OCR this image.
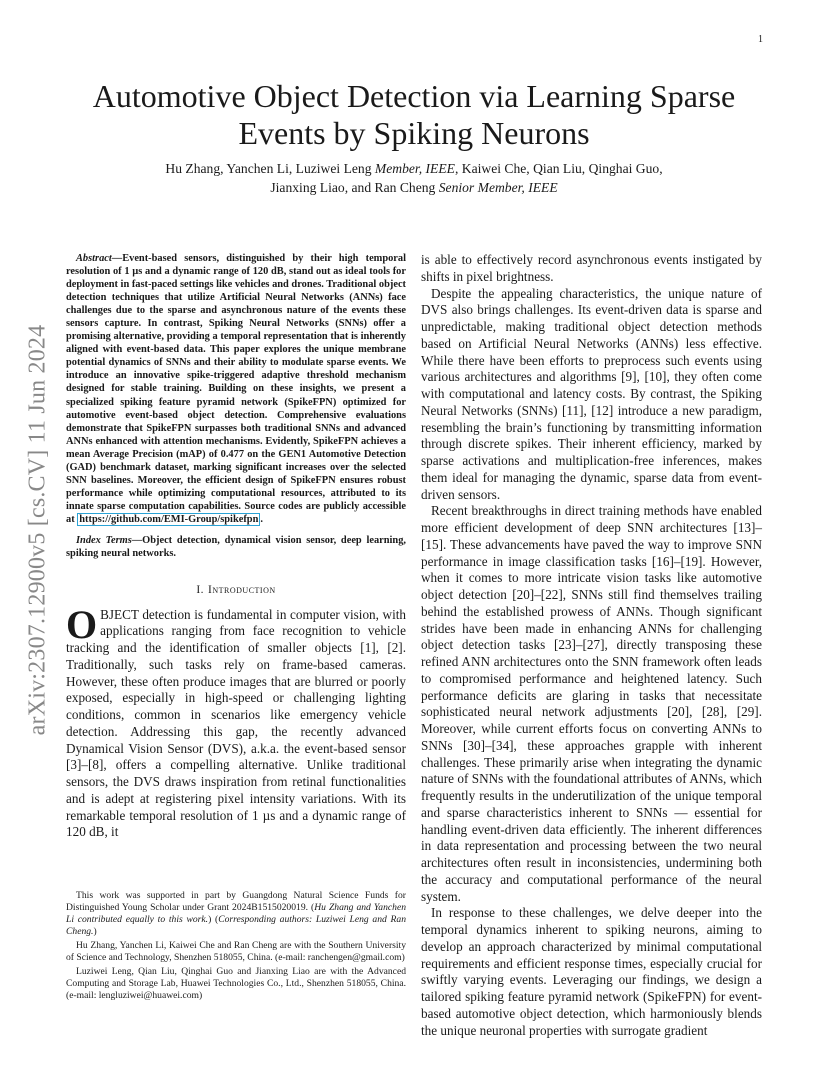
1
arXiv:2307.12900v5 [cs.CV] 11 Jun 2024
Automotive Object Detection via Learning Sparse
Events by Spiking Neurons
Hu Zhang, Yanchen Li, Luziwei Leng Member, IEEE, Kaiwei Che, Qian Liu, Qinghai Guo,
Jianxing Liao, and Ran Cheng Senior Member, IEEE

Abstract—Event-based sensors, distinguished by their high temporal resolution of 1 µs and a dynamic range of 120 dB, stand out as ideal tools for deployment in fast-paced settings like vehicles and drones. Traditional object detection techniques that utilize Artificial Neural Networks (ANNs) face challenges due to the sparse and asynchronous nature of the events these sensors capture. In contrast, Spiking Neural Networks (SNNs) offer a promising alternative, providing a temporal representation that is inherently aligned with event-based data. This paper explores the unique membrane potential dynamics of SNNs and their ability to modulate sparse events. We introduce an innovative spike-triggered adaptive threshold mechanism designed for stable training. Building on these insights, we present a specialized spiking feature pyramid network (SpikeFPN) optimized for automotive event-based object detection. Comprehensive evaluations demonstrate that SpikeFPN surpasses both traditional SNNs and advanced ANNs enhanced with attention mechanisms. Evidently, SpikeFPN achieves a mean Average Precision (mAP) of 0.477 on the GEN1 Automotive Detection (GAD) benchmark dataset, marking significant increases over the selected SNN baselines. Moreover, the efficient design of SpikeFPN ensures robust performance while optimizing computational resources, attributed to its innate sparse computation capabilities. Source codes are publicly accessible at https://github.com/EMI-Group/spikefpn .

Index Terms—Object detection, dynamical vision sensor, deep learning, spiking neural networks.

I. Introduction

OBJECT detection is fundamental in computer vision, with applications ranging from face recognition to vehicle tracking and the identification of smaller objects [1], [2]. Traditionally, such tasks rely on frame-based cameras. However, these often produce images that are blurred or poorly exposed, especially in high-speed or challenging lighting conditions, common in scenarios like emergency vehicle detection. Addressing this gap, the recently advanced Dynamical Vision Sensor (DVS), a.k.a. the event-based sensor [3]–[8], offers a compelling alternative. Unlike traditional sensors, the DVS draws inspiration from retinal functionalities and is adept at registering pixel intensity variations. With its remarkable temporal resolution of 1 µs and a dynamic range of 120 dB, it

This work was supported in part by Guangdong Natural Science Funds for Distinguished Young Scholar under Grant 2024B1515020019. (Hu Zhang and Yanchen Li contributed equally to this work.) (Corresponding authors: Luziwei Leng and Ran Cheng.)

Hu Zhang, Yanchen Li, Kaiwei Che and Ran Cheng are with the Southern University of Science and Technology, Shenzhen 518055, China. (e-mail: ranchengen@gmail.com)

Luziwei Leng, Qian Liu, Qinghai Guo and Jianxing Liao are with the Advanced Computing and Storage Lab, Huawei Technologies Co., Ltd., Shenzhen 518055, China. (e-mail: lengluziwei@huawei.com)

is able to effectively record asynchronous events instigated by shifts in pixel brightness.

Despite the appealing characteristics, the unique nature of DVS also brings challenges. Its event-driven data is sparse and unpredictable, making traditional object detection methods based on Artificial Neural Networks (ANNs) less effective. While there have been efforts to preprocess such events using various architectures and algorithms [9], [10], they often come with computational and latency costs. By contrast, the Spiking Neural Networks (SNNs) [11], [12] introduce a new paradigm, resembling the brain’s functioning by transmitting information through discrete spikes. Their inherent efficiency, marked by sparse activations and multiplication-free inferences, makes them ideal for managing the dynamic, sparse data from event-driven sensors.

Recent breakthroughs in direct training methods have enabled more efficient development of deep SNN architectures [13]–[15]. These advancements have paved the way to improve SNN performance in image classification tasks [16]–[19]. However, when it comes to more intricate vision tasks like automotive object detection [20]–[22], SNNs still find themselves trailing behind the established prowess of ANNs. Though significant strides have been made in enhancing ANNs for challenging object detection tasks [23]–[27], directly transposing these refined ANN architectures onto the SNN framework often leads to compromised performance and heightened latency. Such performance deficits are glaring in tasks that necessitate sophisticated neural network adjustments [20], [28], [29]. Moreover, while current efforts focus on converting ANNs to SNNs [30]–[34], these approaches grapple with inherent challenges. These primarily arise when integrating the dynamic nature of SNNs with the foundational attributes of ANNs, which frequently results in the underutilization of the unique temporal and sparse characteristics inherent to SNNs — essential for handling event-driven data efficiently. The inherent differences in data representation and processing between the two neural architectures often result in inconsistencies, undermining both the accuracy and computational performance of the neural system.

In response to these challenges, we delve deeper into the temporal dynamics inherent to spiking neurons, aiming to develop an approach characterized by minimal computational requirements and efficient response times, especially crucial for swiftly varying events. Leveraging our findings, we design a tailored spiking feature pyramid network (SpikeFPN) for event-based automotive object detection, which harmoniously blends the unique neuronal properties with surrogate gradient
